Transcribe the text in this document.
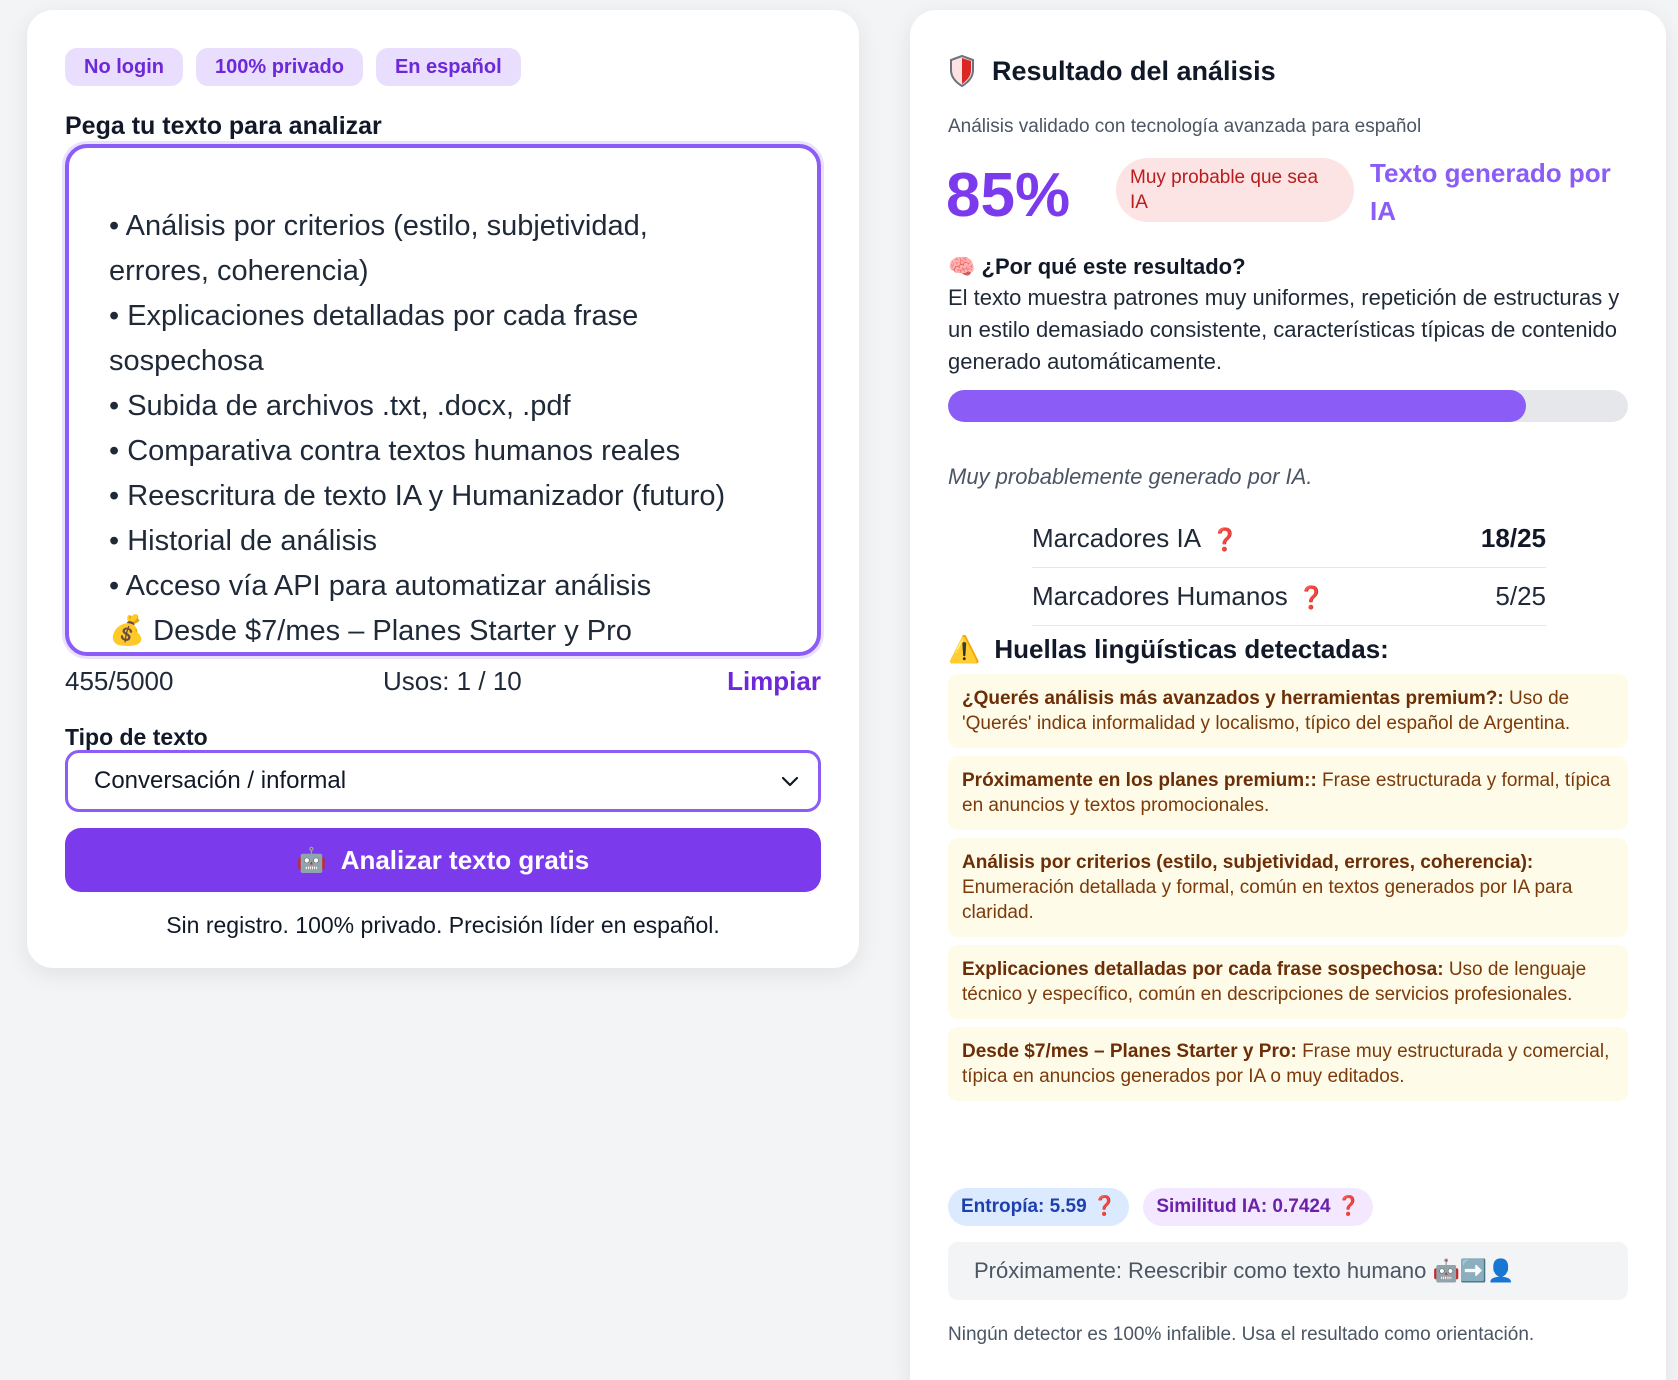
No login	100% privado	En español
Pega tu texto para analizar
• Análisis por criterios (estilo, subjetividad,
errores, coherencia)
• Explicaciones detalladas por cada frase
sospechosa
• Subida de archivos .txt, .docx, .pdf
• Comparativa contra textos humanos reales
• Reescritura de texto IA y Humanizador (futuro)
• Historial de análisis
• Acceso vía API para automatizar análisis
💰 Desde $7/mes – Planes Starter y Pro
455/5000	Usos: 1 / 10	Limpiar
Tipo de texto
Conversación / informal
🤖 Analizar texto gratis
Sin registro. 100% privado. Precisión líder en español.
Resultado del análisis
Análisis validado con tecnología avanzada para español
85%	Muy probable que sea IA
Texto generado por IA
🧠 ¿Por qué este resultado?
El texto muestra patrones muy uniformes, repetición de estructuras y un estilo demasiado consistente, características típicas de contenido generado automáticamente.
Muy probablemente generado por IA.
Marcadores IA ❓	18/25
Marcadores Humanos ❓	5/25
⚠️ Huellas lingüísticas detectadas:
¿Querés análisis más avanzados y herramientas premium?: Uso de 'Querés' indica informalidad y localismo, típico del español de Argentina.
Próximamente en los planes premium:: Frase estructurada y formal, típica en anuncios y textos promocionales.
Análisis por criterios (estilo, subjetividad, errores, coherencia): Enumeración detallada y formal, común en textos generados por IA para claridad.
Explicaciones detalladas por cada frase sospechosa: Uso de lenguaje técnico y específico, común en descripciones de servicios profesionales.
Desde $7/mes – Planes Starter y Pro: Frase muy estructurada y comercial, típica en anuncios generados por IA o muy editados.
Entropía: 5.59 ❓	Similitud IA: 0.7424 ❓
Próximamente: Reescribir como texto humano 🤖➡️👤
Ningún detector es 100% infalible. Usa el resultado como orientación.
